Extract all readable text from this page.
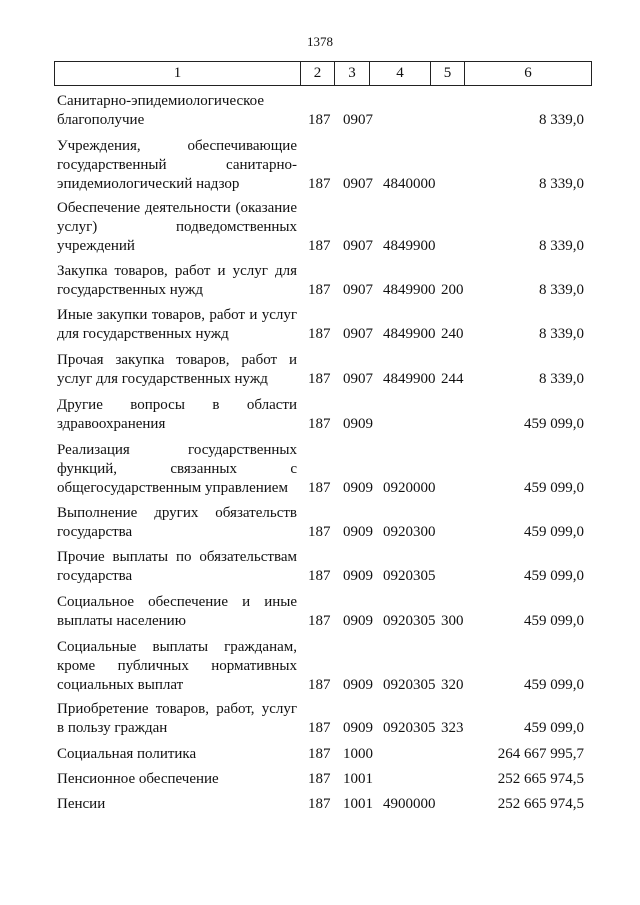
1378
1	2	3	4	5	6
Санитарно-эпидемиологическое
благополучие	187 0907	8 339,0
Учреждения, обеспечивающие
государственный санитарно-
эпидемиологический надзор	187 0907 4840000	8 339,0
Обеспечение деятельности (оказание
услуг) подведомственных
учреждений	187 0907 4849900	8 339,0
Закупка товаров, работ и услуг для
государственных нужд	187 0907 4849900 200	8 339,0
Иные закупки товаров, работ и услуг
для государственных нужд	187 0907 4849900 240	8 339,0
Прочая закупка товаров, работ и
услуг для государственных нужд	187 0907 4849900 244	8 339,0
Другие вопросы в области
здравоохранения	187 0909	459 099,0
Реализация государственных
функций, связанных с
общегосударственным управлением	187 0909 0920000	459 099,0
Выполнение других обязательств
государства	187 0909 0920300	459 099,0
Прочие выплаты по обязательствам
государства	187 0909 0920305	459 099,0
Социальное обеспечение и иные
выплаты населению	187 0909 0920305 300	459 099,0
Социальные выплаты гражданам,
кроме публичных нормативных
социальных выплат	187 0909 0920305 320	459 099,0
Приобретение товаров, работ, услуг
в пользу граждан	187 0909 0920305 323	459 099,0
Социальная политика	187 1000	264 667 995,7
Пенсионное обеспечение	187 1001	252 665 974,5
Пенсии	187 1001 4900000	252 665 974,5
